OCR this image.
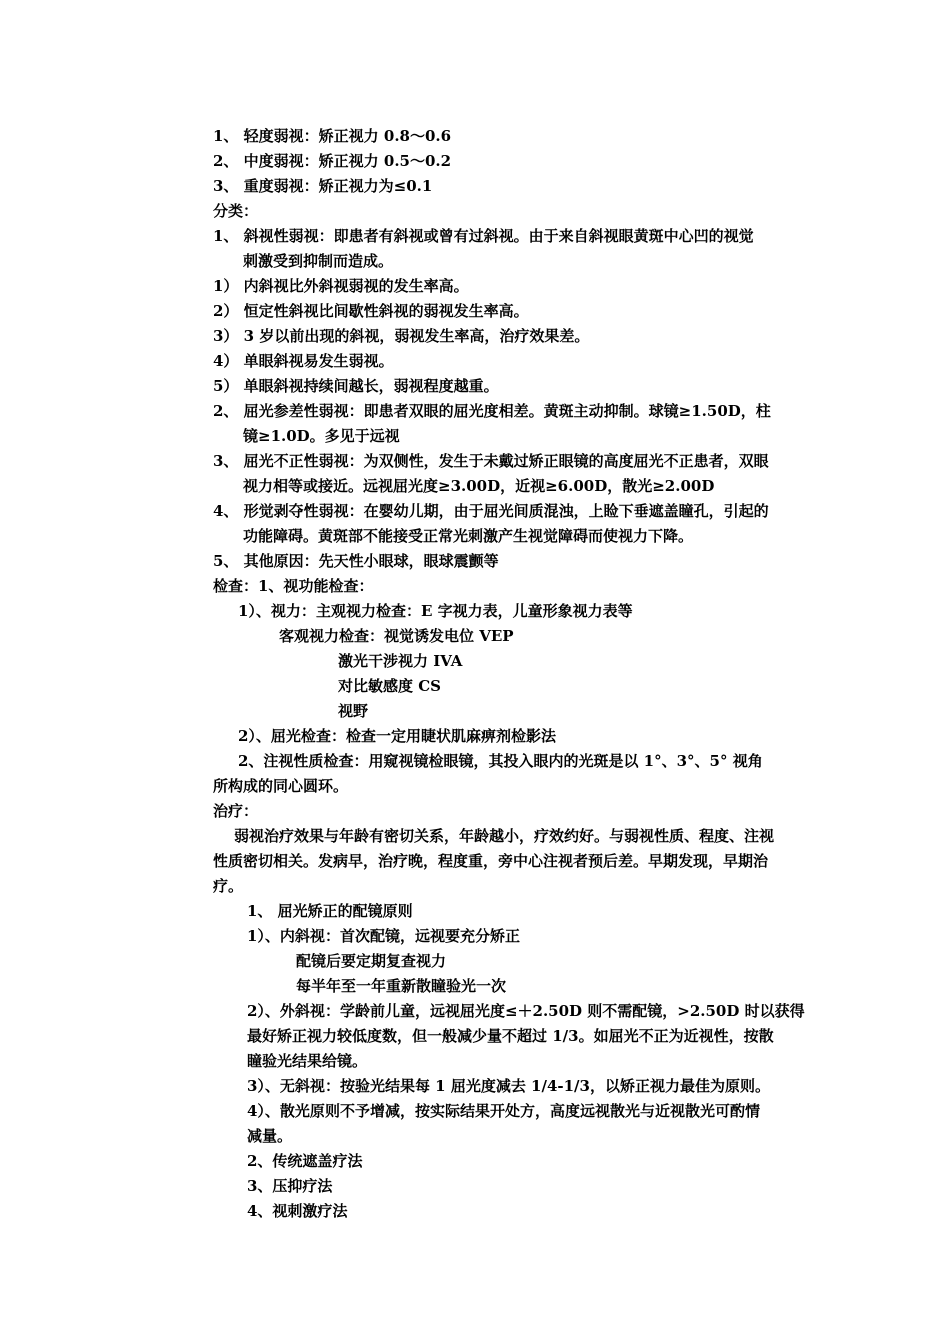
1、 轻度弱视：矫正视力 0.8～0.6
2、 中度弱视：矫正视力 0.5～0.2
3、 重度弱视：矫正视力为≤0.1
分类：
1、 斜视性弱视：即患者有斜视或曾有过斜视。由于来自斜视眼黄斑中心凹的视觉
刺激受到抑制而造成。
1） 内斜视比外斜视弱视的发生率高。
2） 恒定性斜视比间歇性斜视的弱视发生率高。
3） 3 岁以前出现的斜视，弱视发生率高，治疗效果差。
4） 单眼斜视易发生弱视。
5） 单眼斜视持续间越长，弱视程度越重。
2、 屈光参差性弱视：即患者双眼的屈光度相差。黄斑主动抑制。球镜≥1.50D，柱
镜≥1.0D。多见于远视
3、 屈光不正性弱视：为双侧性，发生于未戴过矫正眼镜的高度屈光不正患者，双眼
视力相等或接近。远视屈光度≥3.00D，近视≥6.00D，散光≥2.00D
4、 形觉剥夺性弱视：在婴幼儿期，由于屈光间质混浊，上睑下垂遮盖瞳孔，引起的
功能障碍。黄斑部不能接受正常光刺激产生视觉障碍而使视力下降。
5、 其他原因：先天性小眼球，眼球震颤等
检查：1、视功能检查：
1）、视力：主观视力检查：E 字视力表，儿童形象视力表等
客观视力检查：视觉诱发电位 VEP
激光干涉视力 IVA
对比敏感度 CS
视野
2）、屈光检查：检查一定用睫状肌麻痹剂检影法
2、注视性质检查：用窥视镜检眼镜，其投入眼内的光斑是以 1°、3°、5° 视角
所构成的同心圆环。
治疗：
弱视治疗效果与年龄有密切关系，年龄越小，疗效约好。与弱视性质、程度、注视
性质密切相关。发病早，治疗晚，程度重，旁中心注视者预后差。早期发现，早期治
疗。
1、 屈光矫正的配镜原则
1）、内斜视：首次配镜，远视要充分矫正
配镜后要定期复查视力
每半年至一年重新散瞳验光一次
2）、外斜视：学龄前儿童，远视屈光度≤＋2.50D 则不需配镜，>2.50D 时以获得
最好矫正视力较低度数，但一般减少量不超过 1/3。如屈光不正为近视性，按散
瞳验光结果给镜。
3）、无斜视：按验光结果每 1 屈光度减去 1/4-1/3，以矫正视力最佳为原则。
4）、散光原则不予增减，按实际结果开处方，高度远视散光与近视散光可酌情
减量。
2、传统遮盖疗法
3、压抑疗法
4、视刺激疗法
